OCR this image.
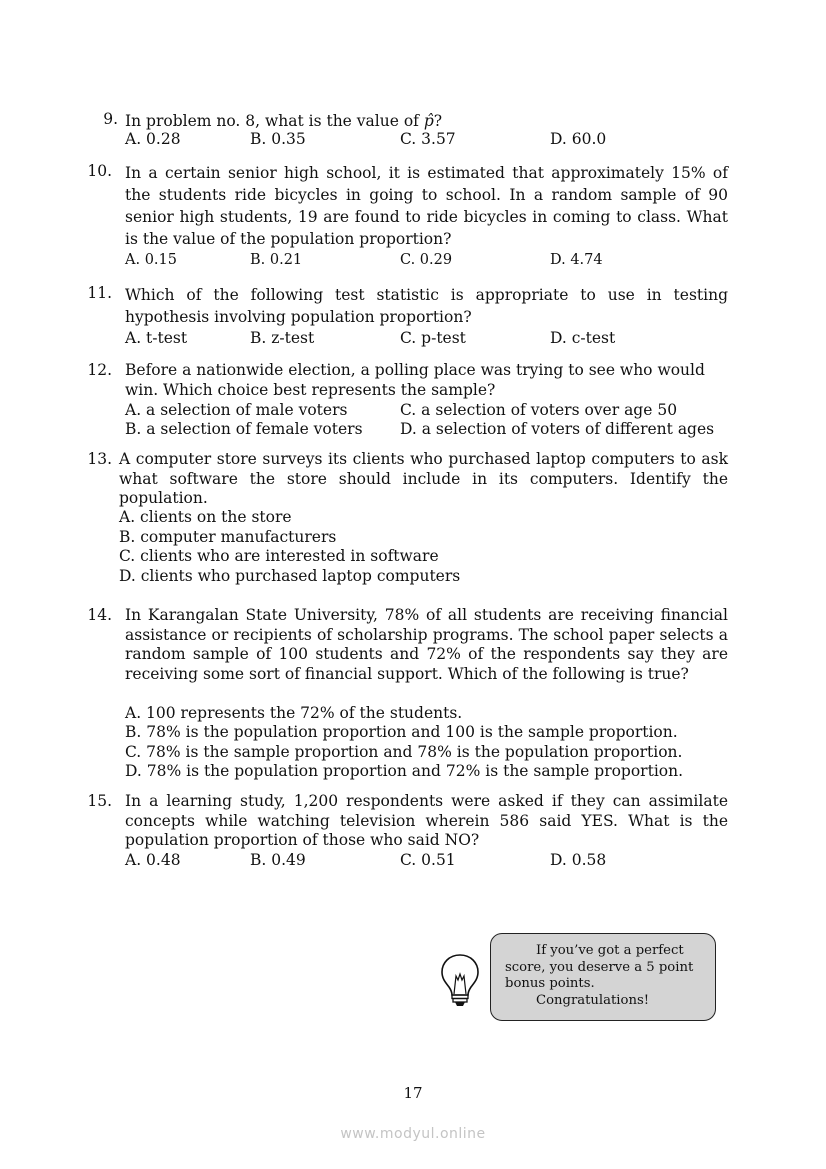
9. In problem no. 8, what is the value of p̂?
A. 0.28	B. 0.35	C. 3.57	D. 60.0
10. In a certain senior high school, it is estimated that approximately 15% of the students ride bicycles in going to school. In a random sample of 90 senior high students, 19 are found to ride bicycles in coming to class. What is the value of the population proportion?
A. 0.15	B. 0.21	C. 0.29	D. 4.74
11. Which of the following test statistic is appropriate to use in testing hypothesis involving population proportion?
A. t-test	B. z-test	C. p-test	D. c-test
12. Before a nationwide election, a polling place was trying to see who would win. Which choice best represents the sample?
A. a selection of male voters	C. a selection of voters over age 50
B. a selection of female voters D. a selection of voters of different ages
13. A computer store surveys its clients who purchased laptop computers to ask what software the store should include in its computers. Identify the population.
A. clients on the store
B. computer manufacturers
C. clients who are interested in software
D. clients who purchased laptop computers
14. In Karangalan State University, 78% of all students are receiving financial assistance or recipients of scholarship programs. The school paper selects a random sample of 100 students and 72% of the respondents say they are receiving some sort of financial support. Which of the following is true?
A. 100 represents the 72% of the students.
B. 78% is the population proportion and 100 is the sample proportion.
C. 78% is the sample proportion and 78% is the population proportion.
D. 78% is the population proportion and 72% is the sample proportion.
15. In a learning study, 1,200 respondents were asked if they can assimilate concepts while watching television wherein 586 said YES. What is the population proportion of those who said NO?
A. 0.48	B. 0.49	C. 0.51	D. 0.58
If you’ve got a perfect
score, you deserve a 5 point
bonus points.
Congratulations!
17
www.modyul.online
